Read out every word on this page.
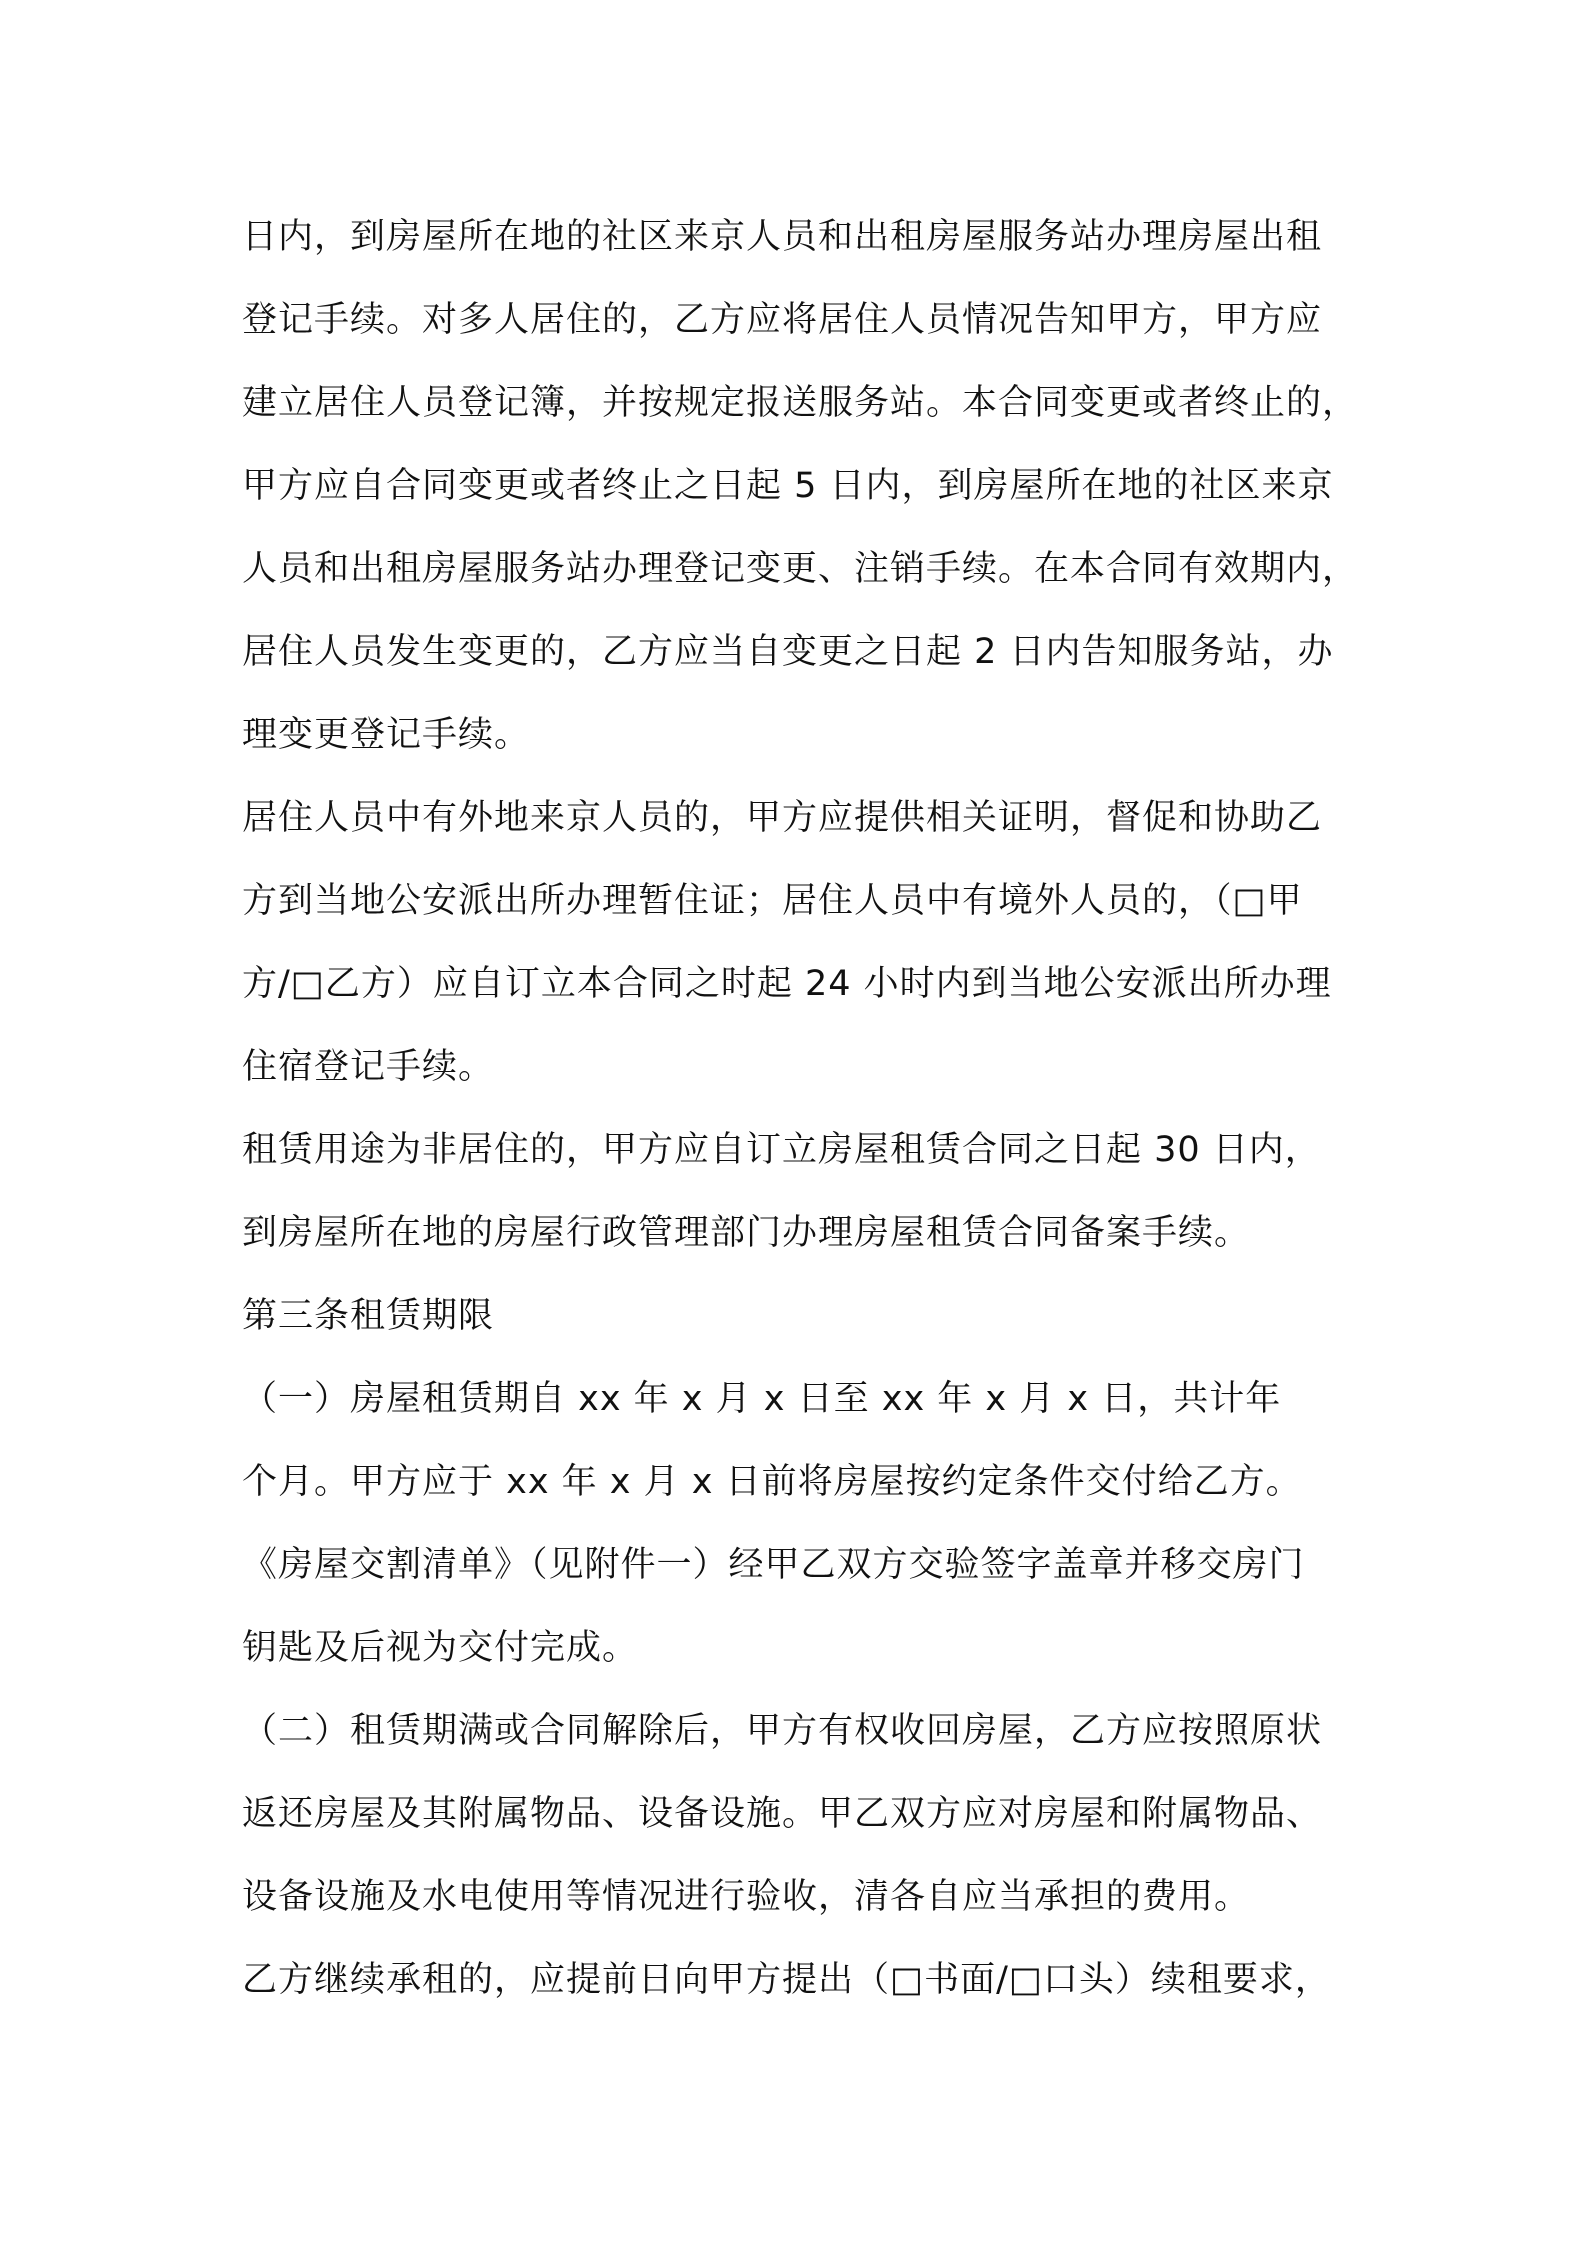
日内，到房屋所在地的社区来京人员和出租房屋服务站办理房屋出租
登记手续。对多人居住的，乙方应将居住人员情况告知甲方，甲方应
建立居住人员登记簿，并按规定报送服务站。本合同变更或者终止的，
甲方应自合同变更或者终止之日起 5 日内，到房屋所在地的社区来京
人员和出租房屋服务站办理登记变更、注销手续。在本合同有效期内，
居住人员发生变更的，乙方应当自变更之日起 2 日内告知服务站，办
理变更登记手续。
居住人员中有外地来京人员的，甲方应提供相关证明，督促和协助乙
方到当地公安派出所办理暂住证；居住人员中有境外人员的，（□甲
方/□乙方）应自订立本合同之时起 24 小时内到当地公安派出所办理
住宿登记手续。
租赁用途为非居住的，甲方应自订立房屋租赁合同之日起 30 日内，
到房屋所在地的房屋行政管理部门办理房屋租赁合同备案手续。
第三条租赁期限
（一）房屋租赁期自 xx 年 x 月 x 日至 xx 年 x 月 x 日，共计年
个月。甲方应于 xx 年 x 月 x 日前将房屋按约定条件交付给乙方。
《房屋交割清单》（见附件一）经甲乙双方交验签字盖章并移交房门
钥匙及后视为交付完成。
（二）租赁期满或合同解除后，甲方有权收回房屋，乙方应按照原状
返还房屋及其附属物品、设备设施。甲乙双方应对房屋和附属物品、
设备设施及水电使用等情况进行验收，清各自应当承担的费用。
乙方继续承租的，应提前日向甲方提出（□书面/□口头）续租要求，
